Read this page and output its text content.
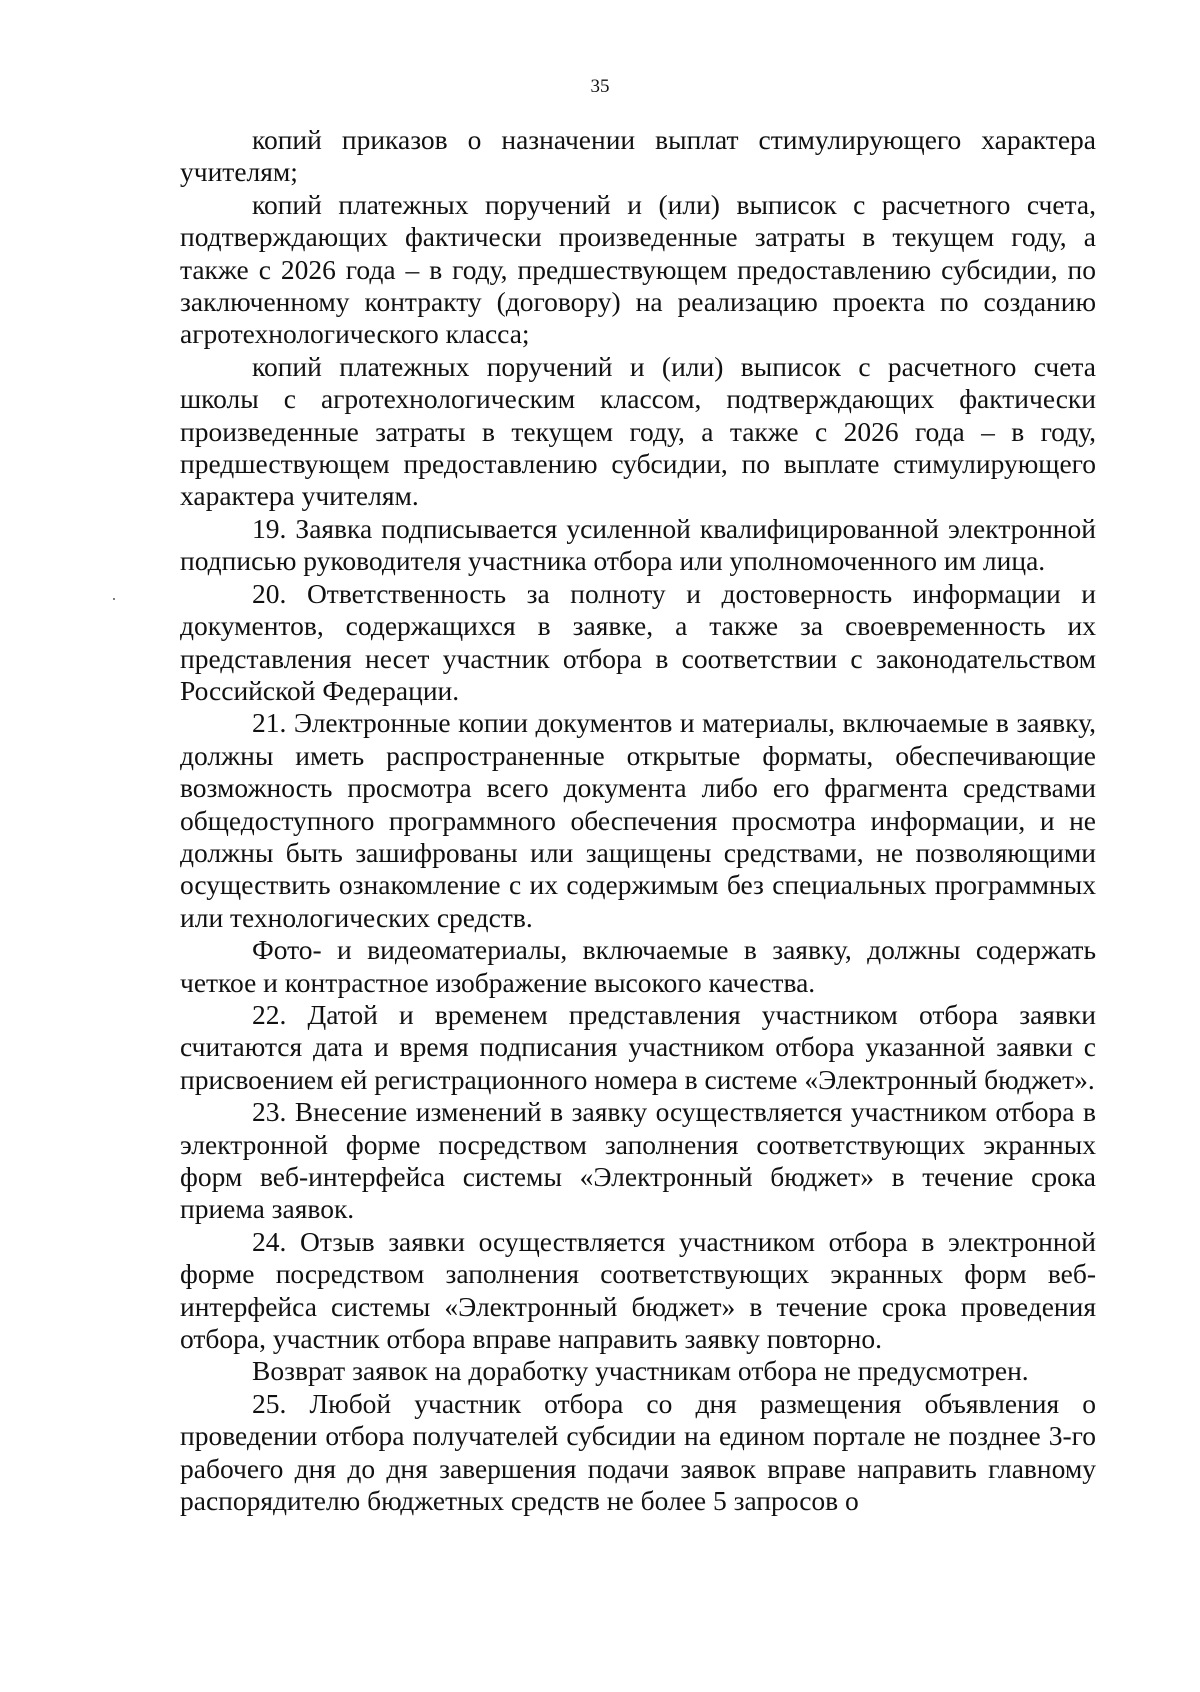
35

копий приказов о назначении выплат стимулирующего характера учителям;

копий платежных поручений и (или) выписок с расчетного счета, подтверждающих фактически произведенные затраты в текущем году, а также с 2026 года – в году, предшествующем предоставлению субсидии, по заключенному контракту (договору) на реализацию проекта по созданию агротехнологического класса;

копий платежных поручений и (или) выписок с расчетного счета школы с агротехнологическим классом, подтверждающих фактически произведенные затраты в текущем году, а также с 2026 года – в году, предшествующем предоставлению субсидии, по выплате стимулирующего характера учителям.

19. Заявка подписывается усиленной квалифицированной электронной подписью руководителя участника отбора или уполномоченного им лица.

20. Ответственность за полноту и достоверность информации и документов, содержащихся в заявке, а также за своевременность их представления несет участник отбора в соответствии с законодательством Российской Федерации.

21. Электронные копии документов и материалы, включаемые в заявку, должны иметь распространенные открытые форматы, обеспечивающие возможность просмотра всего документа либо его фрагмента средствами общедоступного программного обеспечения просмотра информации, и не должны быть зашифрованы или защищены средствами, не позволяющими осуществить ознакомление с их содержимым без специальных программных или технологических средств.

Фото- и видеоматериалы, включаемые в заявку, должны содержать четкое и контрастное изображение высокого качества.

22. Датой и временем представления участником отбора заявки считаются дата и время подписания участником отбора указанной заявки с присвоением ей регистрационного номера в системе «Электронный бюджет».

23. Внесение изменений в заявку осуществляется участником отбора в электронной форме посредством заполнения соответствующих экранных форм веб-интерфейса системы «Электронный бюджет» в течение срока приема заявок.

24. Отзыв заявки осуществляется участником отбора в электронной форме посредством заполнения соответствующих экранных форм веб-интерфейса системы «Электронный бюджет» в течение срока проведения отбора, участник отбора вправе направить заявку повторно.

Возврат заявок на доработку участникам отбора не предусмотрен.

25. Любой участник отбора со дня размещения объявления о проведении отбора получателей субсидии на едином портале не позднее 3-го рабочего дня до дня завершения подачи заявок вправе направить главному распорядителю бюджетных средств не более 5 запросов о
